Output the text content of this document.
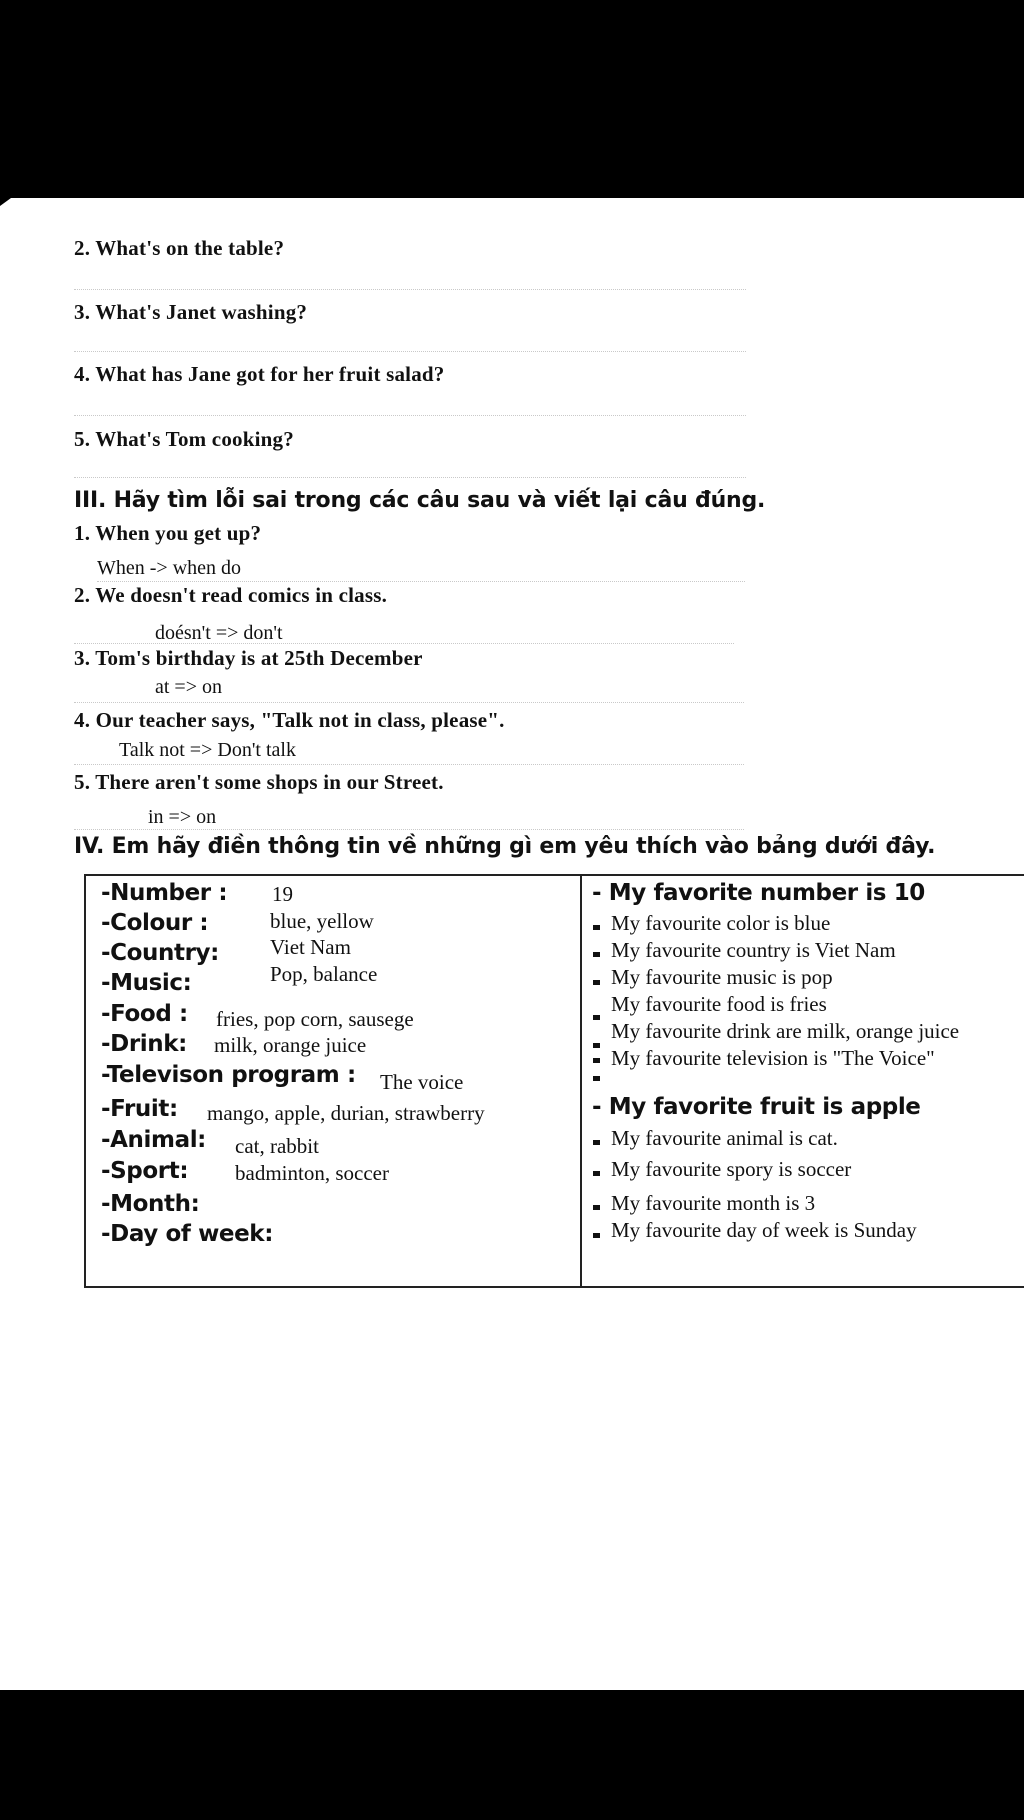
2. What's on the table?
3. What's Janet washing?
4. What has Jane got for her fruit salad?
5. What's Tom cooking?
III. Hãy tìm lỗi sai trong các câu sau và viết lại câu đúng.
1. When you get up?
When -> when do
2. We doesn't read comics in class.
doésn't => don't
3. Tom's birthday is at 25th December
at => on
4. Our teacher says, "Talk not in class, please".
Talk not => Don't talk
5. There aren't some shops in our Street.
in => on
IV. Em hãy điền thông tin về những gì em yêu thích vào bảng dưới đây.
-Number :
-Colour :
-Country:
-Music:
-Food :
-Drink:
-Televison program :
-Fruit:
-Animal:
-Sport:
-Month:
-Day of week:
19
blue, yellow
Viet Nam
Pop, balance
fries, pop corn, sausege
milk, orange juice
The voice
mango, apple, durian, strawberry
cat, rabbit
badminton, soccer
- My favorite number is 10
My favourite color is blue
My favourite country is Viet Nam
My favourite music is pop
My favourite food is fries
My favourite drink are milk, orange juice
My favourite television is "The Voice"
- My favorite fruit is apple
My favourite animal is cat.
My favourite spory is soccer
My favourite month is 3
My favourite day of week is Sunday
